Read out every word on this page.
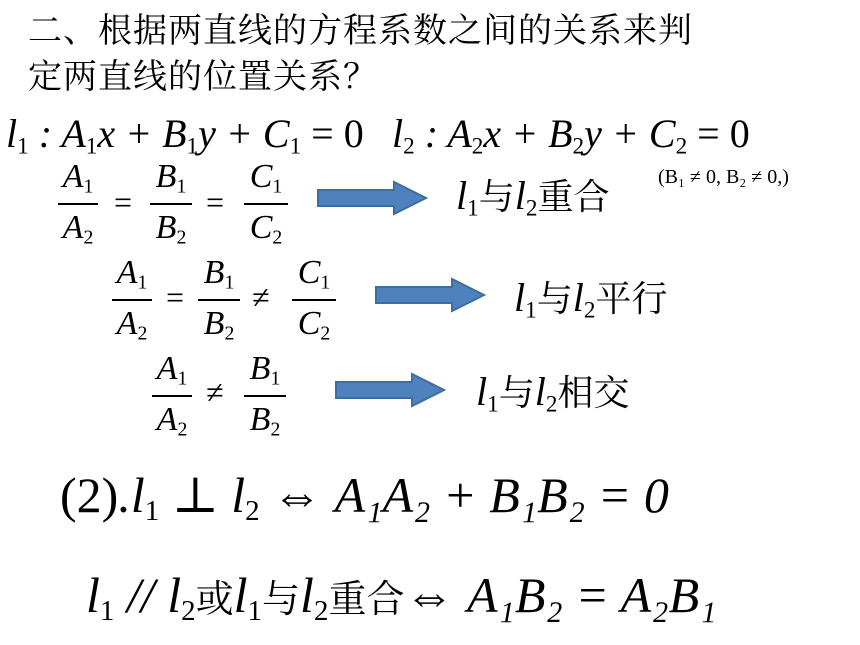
二、根据两直线的方程系数之间的关系来判
定两直线的位置关系？
$l_1$ : $A_1x + B_1y + C_1 = 0$ $l_2$ : $A_2x + B_2y + C_2 = 0$
$A_1$
$A_2$
=
$B_1$
$B_2$
=
$C_1$
$C_2$
$l_1$与$l_2$重合 (B₁ ≠ 0, B₂ ≠ 0,)
$A_1$
$A_2$
=
$B_1$
$B_2$
≠
$C_1$
$C_2$
$l_1$与$l_2$平行
$A_1$
$A_2$
≠
$B_1$
$B_2$
$l_1$与$l_2$相交
$(2).l_1$ ⊥ $l_2$ ⇔ A₁A₂ + B₁B₂ = 0
$l_1 // l_2$或$l_1$与$l_2$重合⇔ A₁B₂ = A₂B₁
